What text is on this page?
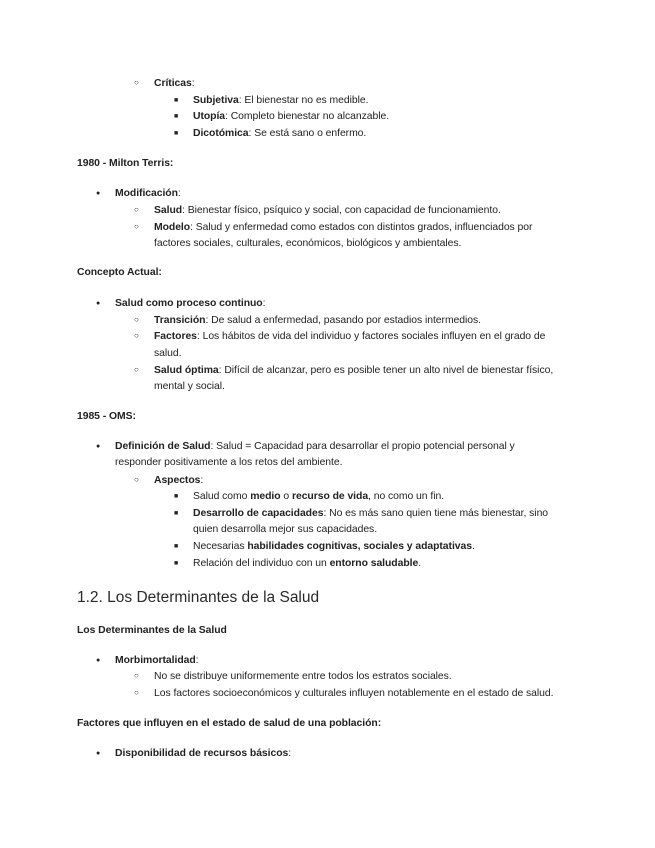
○
Críticas:
■
Subjetiva: El bienestar no es medible.
■
Utopía: Completo bienestar no alcanzable.
■
Dicotómica: Se está sano o enfermo.
1980 - Milton Terris:
●
Modificación:
○
Salud: Bienestar físico, psíquico y social, con capacidad de funcionamiento.
○
Modelo: Salud y enfermedad como estados con distintos grados, influenciados por
factores sociales, culturales, económicos, biológicos y ambientales.
Concepto Actual:
●
Salud como proceso continuo:
○
Transición: De salud a enfermedad, pasando por estadios intermedios.
○
Factores: Los hábitos de vida del individuo y factores sociales influyen en el grado de
salud.
○
Salud óptima: Difícil de alcanzar, pero es posible tener un alto nivel de bienestar físico,
mental y social.
1985 - OMS:
●
Definición de Salud: Salud = Capacidad para desarrollar el propio potencial personal y
responder positivamente a los retos del ambiente.
○
Aspectos:
■
Salud como medio o recurso de vida, no como un fin.
■
Desarrollo de capacidades: No es más sano quien tiene más bienestar, sino
quien desarrolla mejor sus capacidades.
■
Necesarias habilidades cognitivas, sociales y adaptativas.
■
Relación del individuo con un entorno saludable.
1.2. Los Determinantes de la Salud
Los Determinantes de la Salud
●
Morbimortalidad:
○
No se distribuye uniformemente entre todos los estratos sociales.
○
Los factores socioeconómicos y culturales influyen notablemente en el estado de salud.
Factores que influyen en el estado de salud de una población:
●
Disponibilidad de recursos básicos:
